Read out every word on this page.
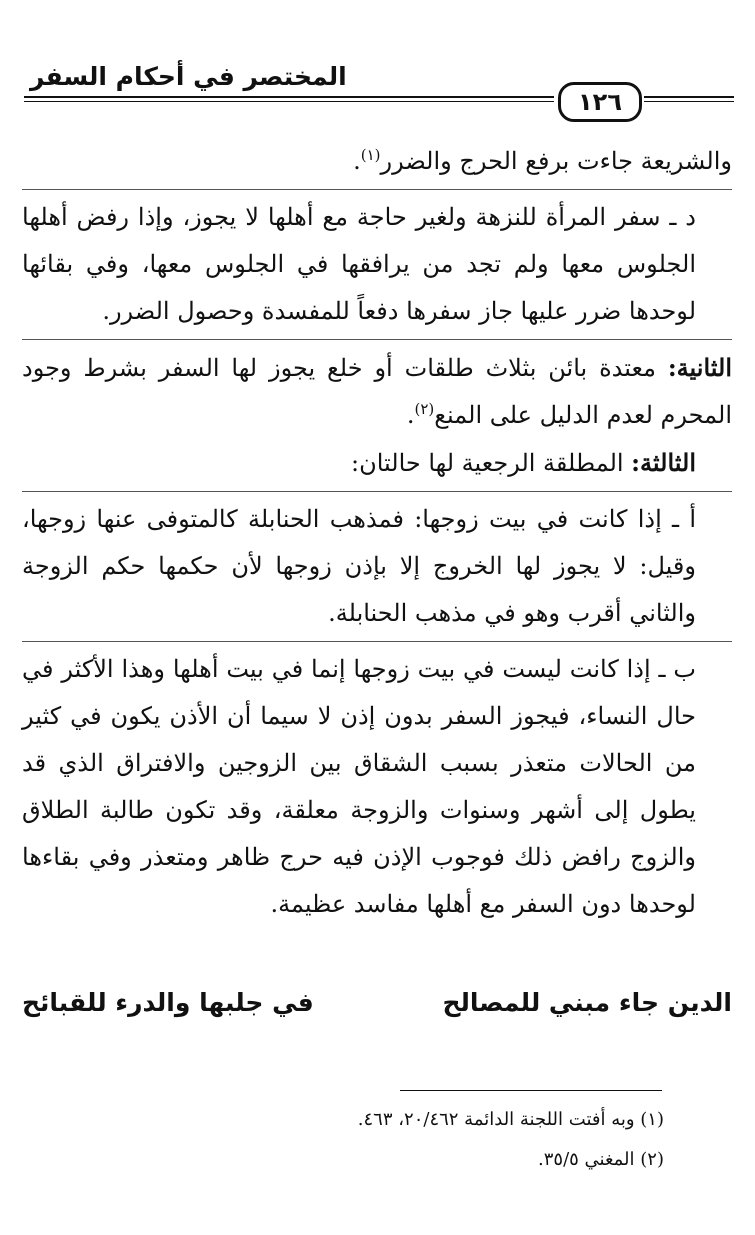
المختصر في أحكام السفر
١٢٦

والشريعة جاءت برفع الحرج والضرر$^{(١)}$.

د ـ سفر المرأة للنزهة ولغير حاجة مع أهلها لا يجوز، وإذا رفض أهلها الجلوس معها ولم تجد من يرافقها في الجلوس معها، وفي بقائها لوحدها ضرر عليها جاز سفرها دفعاً للمفسدة وحصول الضرر.

الثانية: معتدة بائن بثلاث طلقات أو خلع يجوز لها السفر بشرط وجود المحرم لعدم الدليل على المنع$^{(٢)}$.

الثالثة: المطلقة الرجعية لها حالتان:

أ ـ إذا كانت في بيت زوجها: فمذهب الحنابلة كالمتوفى عنها زوجها، وقيل: لا يجوز لها الخروج إلا بإذن زوجها لأن حكمها حكم الزوجة والثاني أقرب وهو في مذهب الحنابلة.

ب ـ إذا كانت ليست في بيت زوجها إنما في بيت أهلها وهذا الأكثر في حال النساء، فيجوز السفر بدون إذن لا سيما أن الأذن يكون في كثير من الحالات متعذر بسبب الشقاق بين الزوجين والافتراق الذي قد يطول إلى أشهر وسنوات والزوجة معلقة، وقد تكون طالبة الطلاق والزوج رافض ذلك فوجوب الإذن فيه حرج ظاهر ومتعذر وفي بقاءها لوحدها دون السفر مع أهلها مفاسد عظيمة.

الدين جاء مبني للمصالح
في جلبها والدرء للقبائح

(١) وبه أفتت اللجنة الدائمة ٢٠/٤٦٢، ٤٦٣.

(٢) المغني ٣٥/٥.
